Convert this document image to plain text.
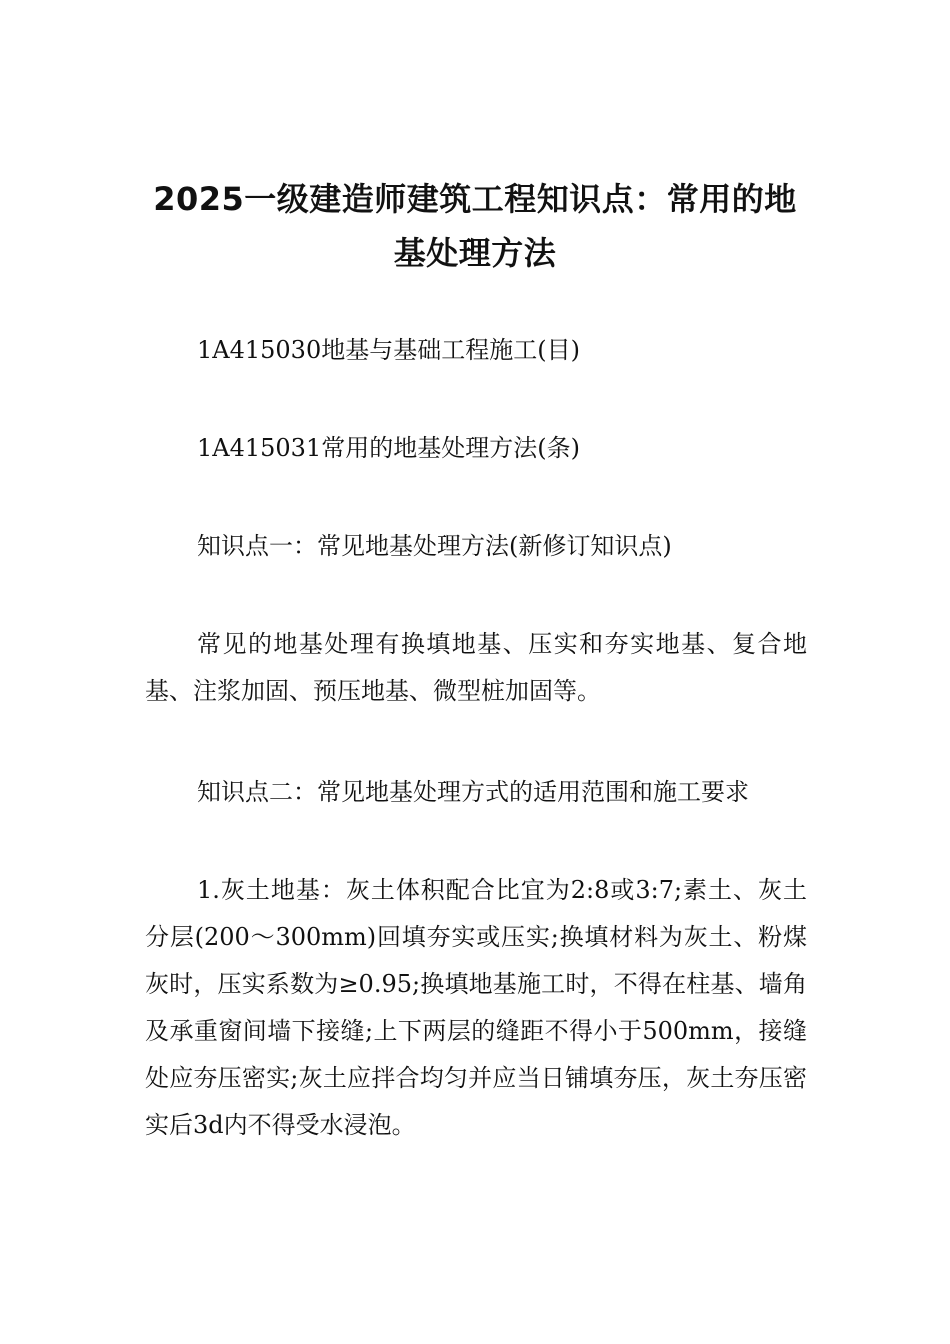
2025一级建造师建筑工程知识点：常用的地基处理方法

1A415030地基与基础工程施工(目)

1A415031常用的地基处理方法(条)

知识点一：常见地基处理方法(新修订知识点)

常见的地基处理有换填地基、压实和夯实地基、复合地基、注浆加固、预压地基、微型桩加固等。

知识点二：常见地基处理方式的适用范围和施工要求

1.灰土地基：灰土体积配合比宜为2:8或3:7;素土、灰土分层(200～300mm)回填夯实或压实;换填材料为灰土、粉煤灰时，压实系数为≥0.95;换填地基施工时，不得在柱基、墙角及承重窗间墙下接缝;上下两层的缝距不得小于500mm，接缝处应夯压密实;灰土应拌合均匀并应当日铺填夯压，灰土夯压密实后3d内不得受水浸泡。
